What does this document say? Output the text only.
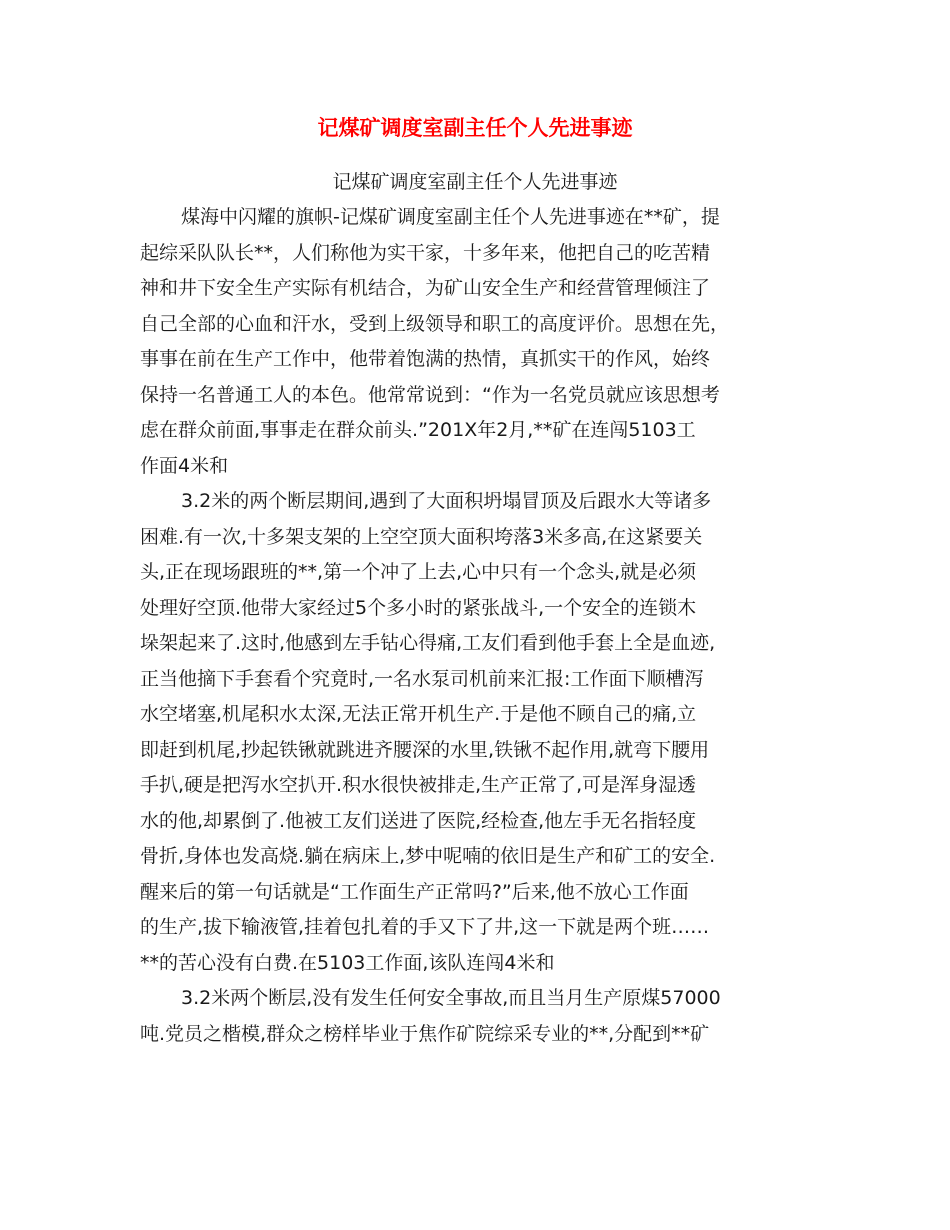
记煤矿调度室副主任个人先进事迹
记煤矿调度室副主任个人先进事迹
煤海中闪耀的旗帜-记煤矿调度室副主任个人先进事迹在**矿，提
起综采队队长**，人们称他为实干家，十多年来，他把自己的吃苦精
神和井下安全生产实际有机结合，为矿山安全生产和经营管理倾注了
自己全部的心血和汗水，受到上级领导和职工的高度评价。思想在先，
事事在前在生产工作中，他带着饱满的热情，真抓实干的作风，始终
保持一名普通工人的本色。他常常说到：“作为一名党员就应该思想考
虑在群众前面,事事走在群众前头.”201X年2月,**矿在连闯5103工
作面4米和
3.2米的两个断层期间,遇到了大面积坍塌冒顶及后跟水大等诸多
困难.有一次,十多架支架的上空空顶大面积垮落3米多高,在这紧要关
头,正在现场跟班的**,第一个冲了上去,心中只有一个念头,就是必须
处理好空顶.他带大家经过5个多小时的紧张战斗,一个安全的连锁木
垛架起来了.这时,他感到左手钻心得痛,工友们看到他手套上全是血迹,
正当他摘下手套看个究竟时,一名水泵司机前来汇报:工作面下顺槽泻
水空堵塞,机尾积水太深,无法正常开机生产.于是他不顾自己的痛,立
即赶到机尾,抄起铁锹就跳进齐腰深的水里,铁锹不起作用,就弯下腰用
手扒,硬是把泻水空扒开.积水很快被排走,生产正常了,可是浑身湿透
水的他,却累倒了.他被工友们送进了医院,经检查,他左手无名指轻度
骨折,身体也发高烧.躺在病床上,梦中呢喃的依旧是生产和矿工的安全.
醒来后的第一句话就是“工作面生产正常吗?”后来,他不放心工作面
的生产,拔下输液管,挂着包扎着的手又下了井,这一下就是两个班……
**的苦心没有白费.在5103工作面,该队连闯4米和
3.2米两个断层,没有发生任何安全事故,而且当月生产原煤57000
吨.党员之楷模,群众之榜样毕业于焦作矿院综采专业的**,分配到**矿
